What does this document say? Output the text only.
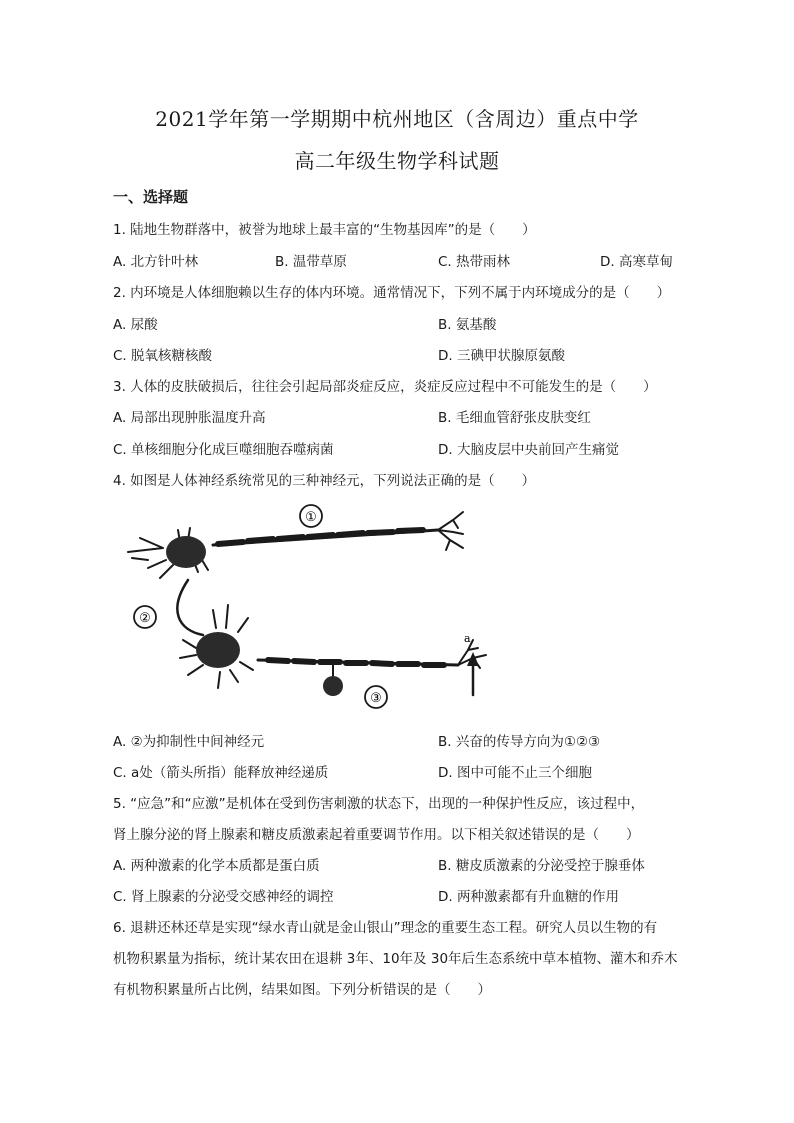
2021学年第一学期期中杭州地区（含周边）重点中学
高二年级生物学科试题
一、选择题
1. 陆地生物群落中，被誉为地球上最丰富的“生物基因库”的是（　　）
A. 北方针叶林	B. 温带草原	C. 热带雨林	D. 高寒草甸
2. 内环境是人体细胞赖以生存的体内环境。通常情况下，下列不属于内环境成分的是（　　）
A. 尿酸	B. 氨基酸
C. 脱氧核糖核酸	D. 三碘甲状腺原氨酸
3. 人体的皮肤破损后，往往会引起局部炎症反应，炎症反应过程中不可能发生的是（　　）
A. 局部出现肿胀温度升高	B. 毛细血管舒张皮肤变红
C. 单核细胞分化成巨噬细胞吞噬病菌	D. 大脑皮层中央前回产生痛觉
4. 如图是人体神经系统常见的三种神经元，下列说法正确的是（　　）
①
②
③
a
A. ②为抑制性中间神经元	B. 兴奋的传导方向为①②③
C. a处（箭头所指）能释放神经递质	D. 图中可能不止三个细胞
5. “应急”和“应激”是机体在受到伤害刺激的状态下，出现的一种保护性反应，该过程中，
肾上腺分泌的肾上腺素和糖皮质激素起着重要调节作用。以下相关叙述错误的是（　　）
A. 两种激素的化学本质都是蛋白质	B. 糖皮质激素的分泌受控于腺垂体
C. 肾上腺素的分泌受交感神经的调控	D. 两种激素都有升血糖的作用
6. 退耕还林还草是实现“绿水青山就是金山银山”理念的重要生态工程。研究人员以生物的有
机物积累量为指标，统计某农田在退耕 3年、10年及 30年后生态系统中草本植物、灌木和乔木
有机物积累量所占比例，结果如图。下列分析错误的是（　　）
